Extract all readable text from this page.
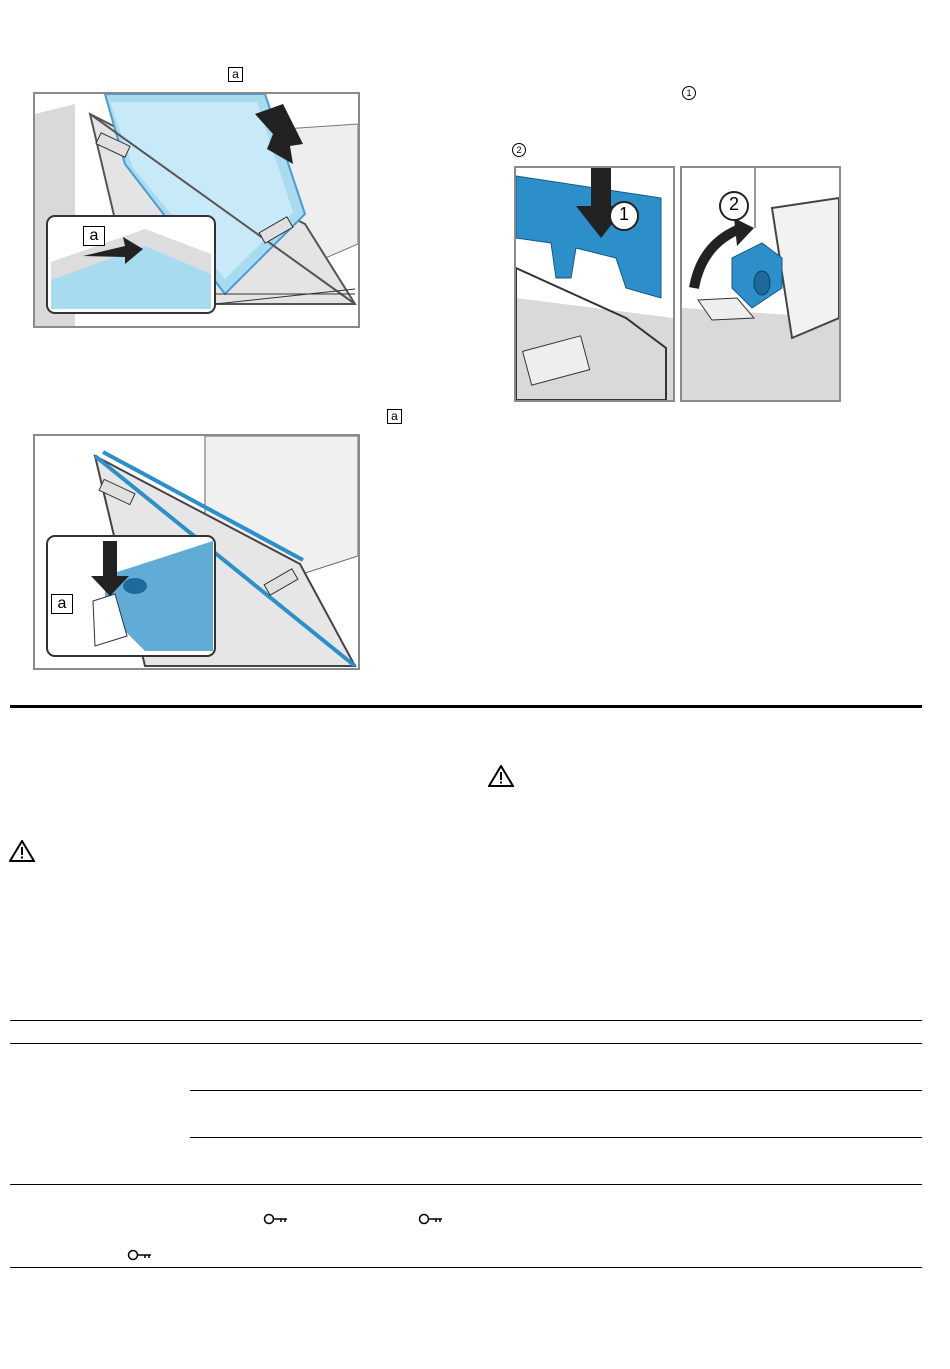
a
1
2
a
a
1	2
a
